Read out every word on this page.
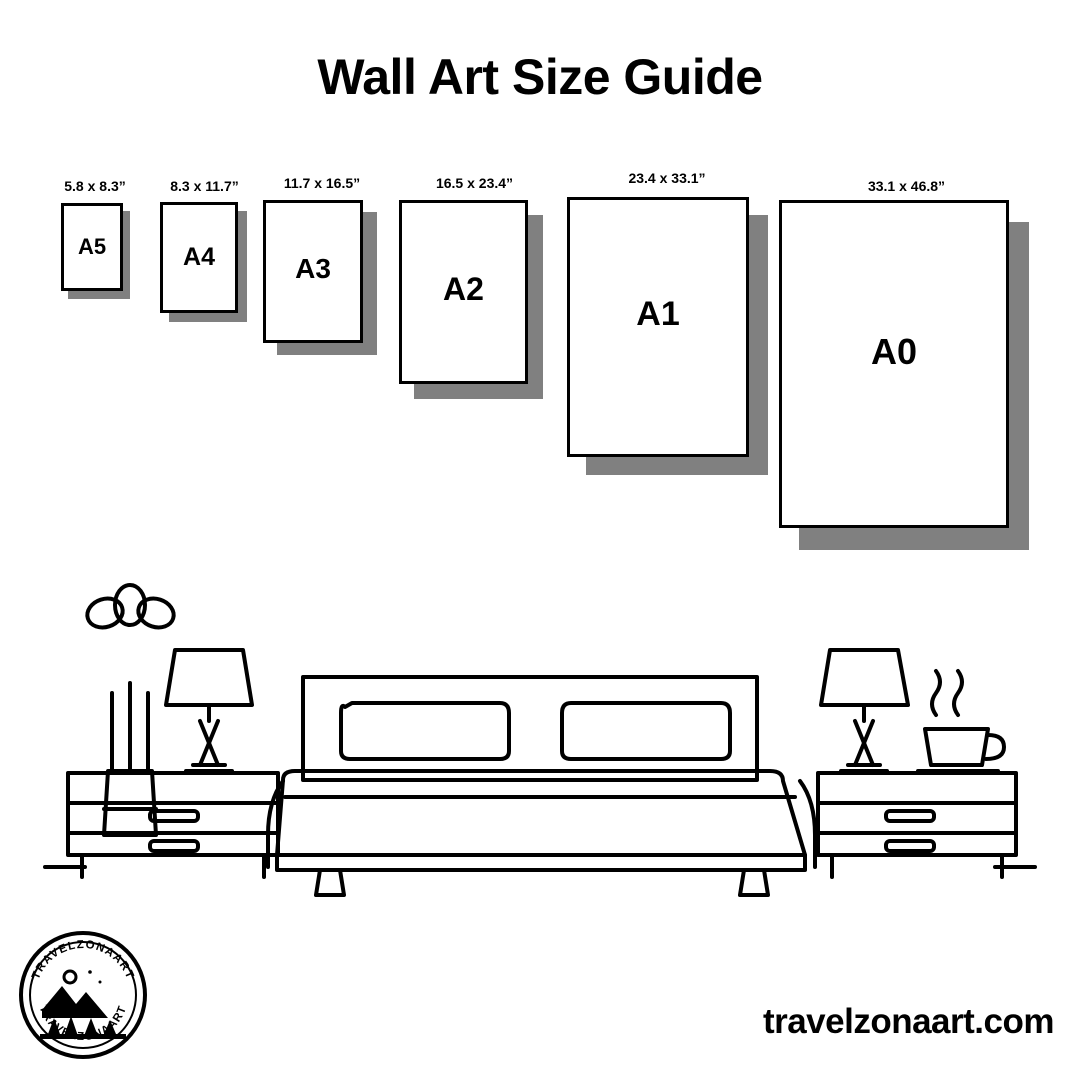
Wall Art Size Guide
5.8 x 8.3”
A5
8.3 x 11.7”
A4
11.7 x 16.5”
A3
16.5 x 23.4”
A2
23.4 x 33.1”
A1
33.1 x 46.8”
A0
TRAVELZONAART
TRAVELZONAART	travelzonaart.com
